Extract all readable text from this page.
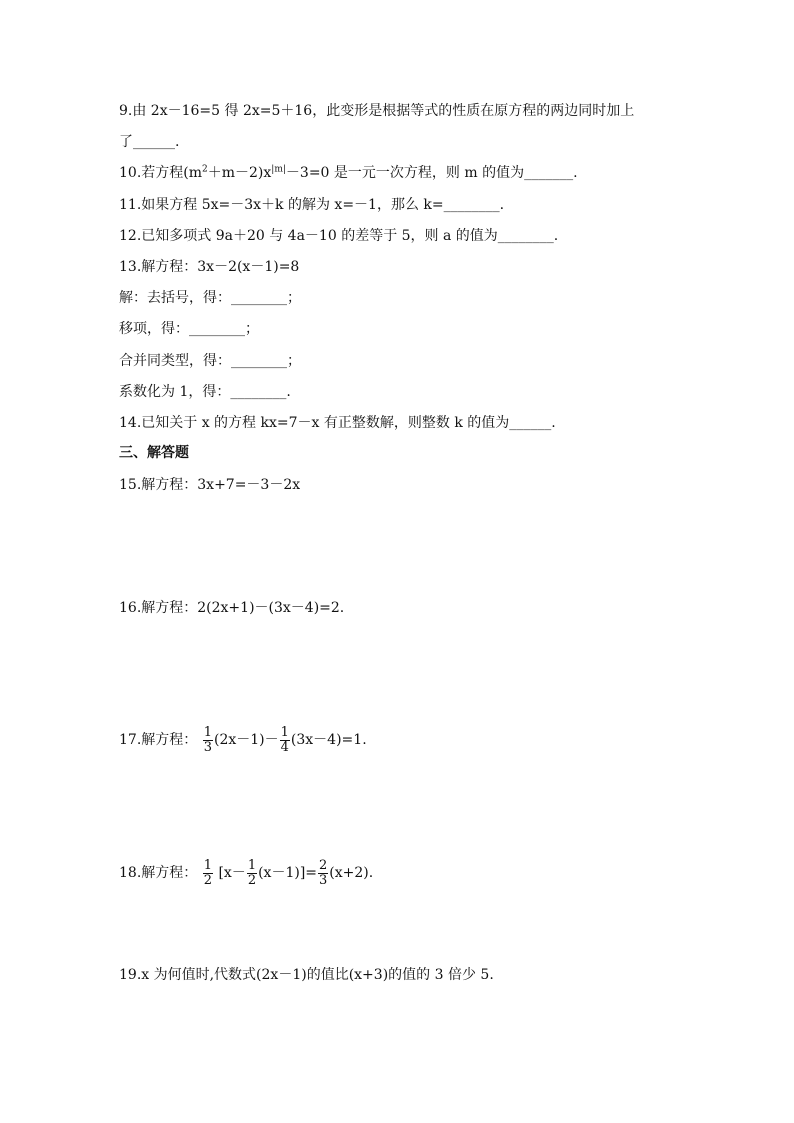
9.由 2x－16=5 得 2x=5＋16，此变形是根据等式的性质在原方程的两边同时加上
了______.
10.若方程$(m^2+m-2)x^{|m|}-3=0$ 是一元一次方程，则 m 的值为_______.
11.如果方程 5x=－3x＋k 的解为 x=－1，那么 k=________.
12.已知多项式 9a＋20 与 4a－10 的差等于 5，则 a 的值为________.
13.解方程：3x－2(x－1)=8
解：去括号，得：________；
移项，得：________；
合并同类型，得：________；
系数化为 1，得：________.
14.已知关于 x 的方程 kx=7－x 有正整数解，则整数 k 的值为______.
三、解答题
15.解方程：3x+7=－3－2x
16.解方程：2(2x+1)－(3x－4)=2.
17.解方程： $\frac{1}{3} (2x-1)- \frac{1}{4} (3x-4)=1$.
18.解方程： $\frac{1}{2} [x- \frac{1}{2} (x-1)]= \frac{2}{3} (x+2)$.
19.x 为何值时,代数式(2x－1)的值比(x+3)的值的 3 倍少 5.
